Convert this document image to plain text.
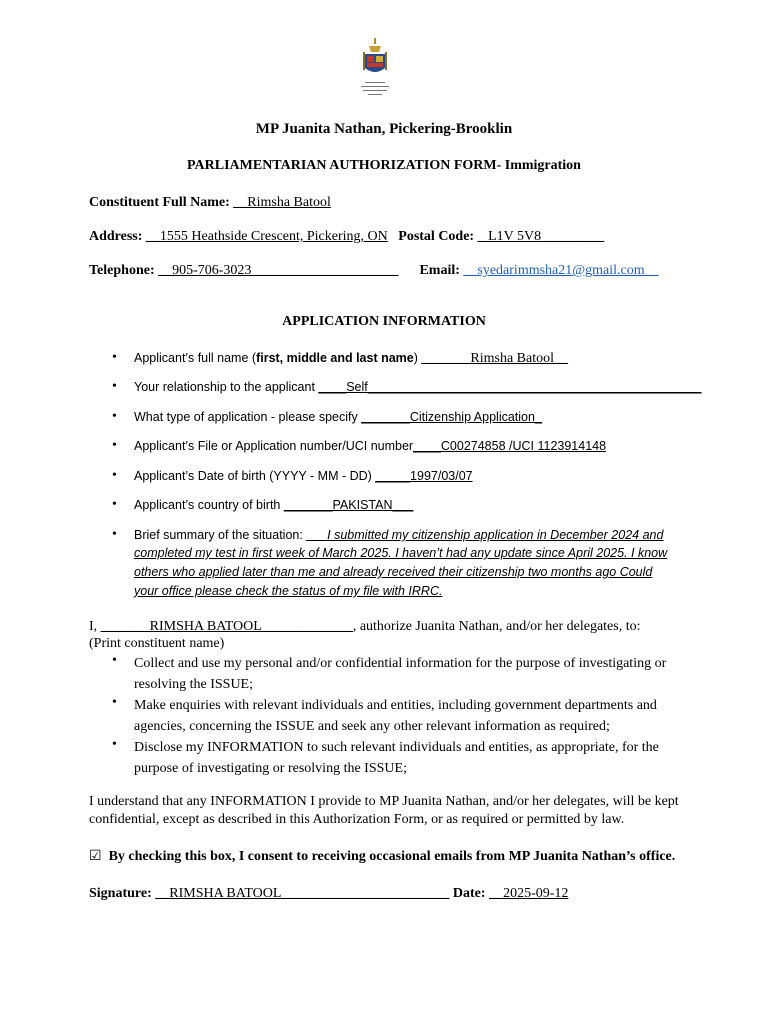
MP Juanita Nathan, Pickering-Brooklin
PARLIAMENTARIAN AUTHORIZATION FORM- Immigration
Constituent Full Name: __Rimsha Batool
Address: __1555 Heathside Crescent, Pickering, ON Postal Code: _ L1V 5V8_________
Telephone: __905-706-3023_____________________ Email: __syedarimmsha21@gmail.com__
APPLICATION INFORMATION
• Applicant’s full name (first, middle and last name) _______Rimsha Batool__
• Your relationship to the applicant ____Self________________________________________________
• What type of application - please specify _______Citizenship Application_
• Applicant’s File or Application number/UCI number____C00274858 /UCI 1123914148
• Applicant’s Date of birth (YYYY - MM - DD) _____1997/03/07
• Applicant’s country of birth _______PAKISTAN___
• Brief summary of the situation: ___I submitted my citizenship application in December 2024 and
completed my test in first week of March 2025. I haven’t had any update since April 2025. I know
others who applied later than me and already received their citizenship two months ago Could
your office please check the status of my file with IRRC.
I, _______RIMSHA BATOOL_____________, authorize Juanita Nathan, and/or her delegates, to:
(Print constituent name)
• Collect and use my personal and/or confidential information for the purpose of investigating or
resolving the ISSUE;
• Make enquiries with relevant individuals and entities, including government departments and
agencies, concerning the ISSUE and seek any other relevant information as required;
• Disclose my INFORMATION to such relevant individuals and entities, as appropriate, for the
purpose of investigating or resolving the ISSUE;
I understand that any INFORMATION I provide to MP Juanita Nathan, and/or her delegates, will be kept
confidential, except as described in this Authorization Form, or as required or permitted by law.
☑ By checking this box, I consent to receiving occasional emails from MP Juanita Nathan’s office.
Signature: __RIMSHA BATOOL________________________ Date: __2025-09-12
